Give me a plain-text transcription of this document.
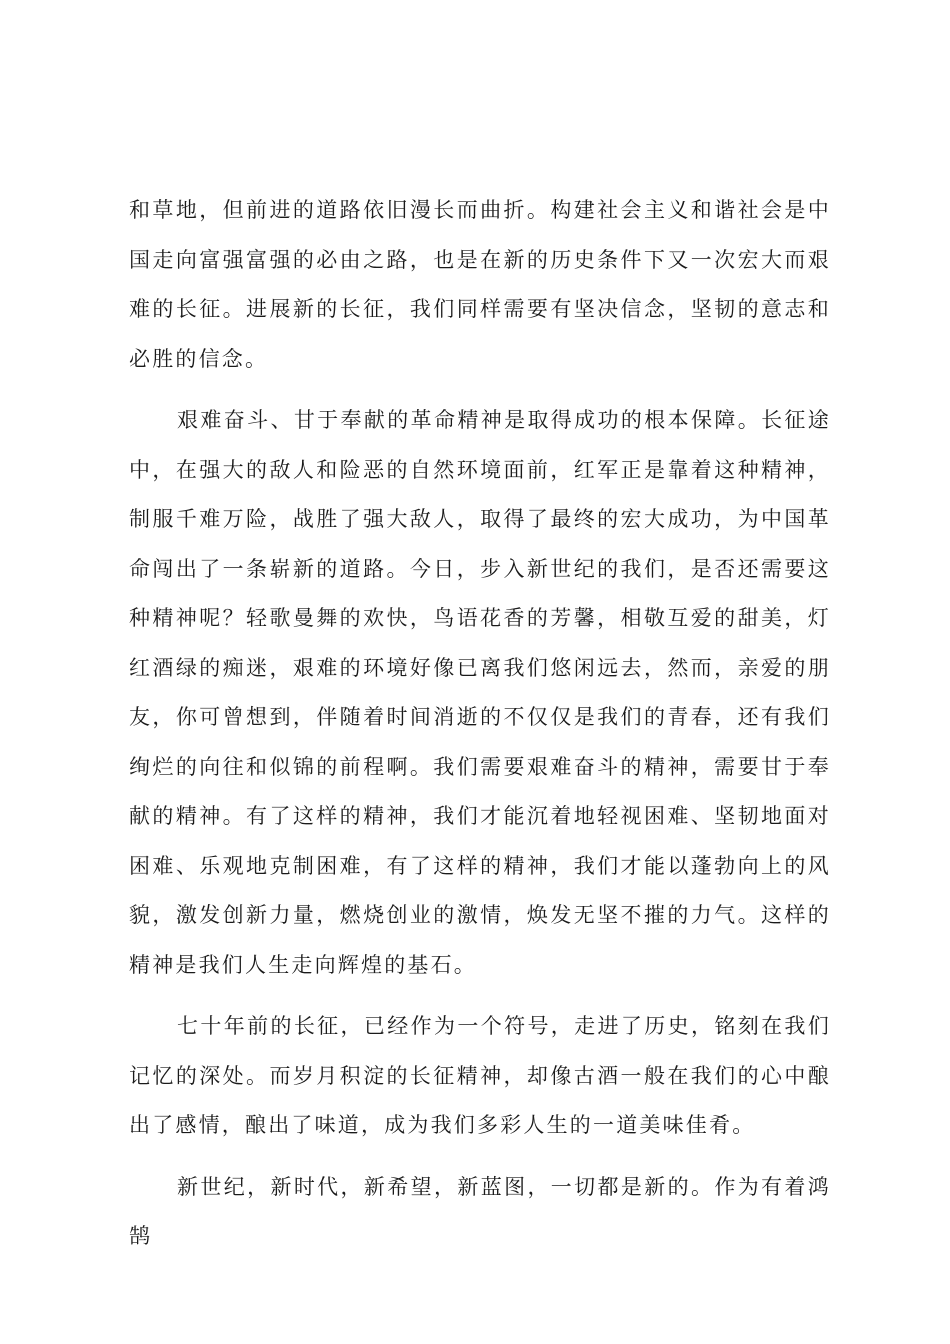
和草地，但前进的道路依旧漫长而曲折。构建社会主义和谐社会是中国走向富强富强的必由之路，也是在新的历史条件下又一次宏大而艰难的长征。进展新的长征，我们同样需要有坚决信念，坚韧的意志和必胜的信念。

艰难奋斗、甘于奉献的革命精神是取得成功的根本保障。长征途中，在强大的敌人和险恶的自然环境面前，红军正是靠着这种精神，制服千难万险，战胜了强大敌人，取得了最终的宏大成功，为中国革命闯出了一条崭新的道路。今日，步入新世纪的我们，是否还需要这种精神呢？轻歌曼舞的欢快，鸟语花香的芳馨，相敬互爱的甜美，灯红酒绿的痴迷，艰难的环境好像已离我们悠闲远去，然而，亲爱的朋友，你可曾想到，伴随着时间消逝的不仅仅是我们的青春，还有我们绚烂的向往和似锦的前程啊。我们需要艰难奋斗的精神，需要甘于奉献的精神。有了这样的精神，我们才能沉着地轻视困难、坚韧地面对困难、乐观地克制困难，有了这样的精神，我们才能以蓬勃向上的风貌，激发创新力量，燃烧创业的激情，焕发无坚不摧的力气。这样的精神是我们人生走向辉煌的基石。

七十年前的长征，已经作为一个符号，走进了历史，铭刻在我们记忆的深处。而岁月积淀的长征精神，却像古酒一般在我们的心中酿出了感情，酿出了味道，成为我们多彩人生的一道美味佳肴。

新世纪，新时代，新希望，新蓝图，一切都是新的。作为有着鸿鹄
